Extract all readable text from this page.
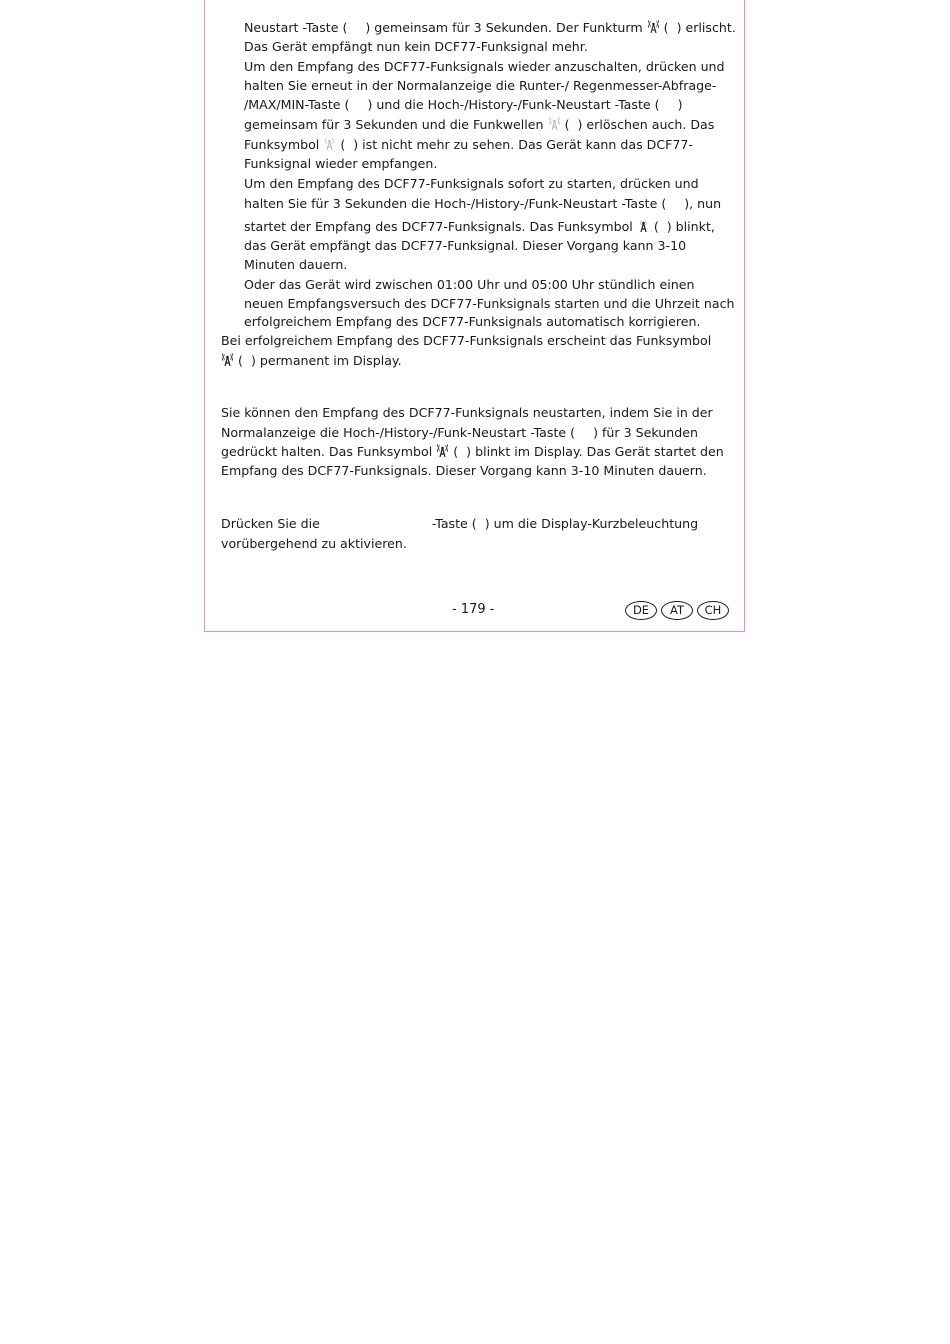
Neustart -Taste ( ) gemeinsam für 3 Sekunden. Der Funkturm ( ) erlischt.
Das Gerät empfängt nun kein DCF77-Funksignal mehr.
Um den Empfang des DCF77-Funksignals wieder anzuschalten, drücken und
halten Sie erneut in der Normalanzeige die Runter-/ Regenmesser-Abfrage-
/MAX/MIN-Taste ( ) und die Hoch-/History-/Funk-Neustart -Taste ( )
gemeinsam für 3 Sekunden und die Funkwellen ( ) erlöschen auch. Das
Funksymbol ( ) ist nicht mehr zu sehen. Das Gerät kann das DCF77-
Funksignal wieder empfangen.
Um den Empfang des DCF77-Funksignals sofort zu starten, drücken und
halten Sie für 3 Sekunden die Hoch-/History-/Funk-Neustart -Taste ( ), nun
startet der Empfang des DCF77-Funksignals. Das Funksymbol ( ) blinkt,
das Gerät empfängt das DCF77-Funksignal. Dieser Vorgang kann 3-10
Minuten dauern.
Oder das Gerät wird zwischen 01:00 Uhr und 05:00 Uhr stündlich einen
neuen Empfangsversuch des DCF77-Funksignals starten und die Uhrzeit nach
erfolgreichem Empfang des DCF77-Funksignals automatisch korrigieren.
Bei erfolgreichem Empfang des DCF77-Funksignals erscheint das Funksymbol
( ) permanent im Display.
Sie können den Empfang des DCF77-Funksignals neustarten, indem Sie in der
Normalanzeige die Hoch-/History-/Funk-Neustart -Taste ( ) für 3 Sekunden
gedrückt halten. Das Funksymbol ( ) blinkt im Display. Das Gerät startet den
Empfang des DCF77-Funksignals. Dieser Vorgang kann 3-10 Minuten dauern.
Drücken Sie die	-Taste ( ) um die Display-Kurzbeleuchtung
vorübergehend zu aktivieren.
- 179 -	DE	AT	CH
